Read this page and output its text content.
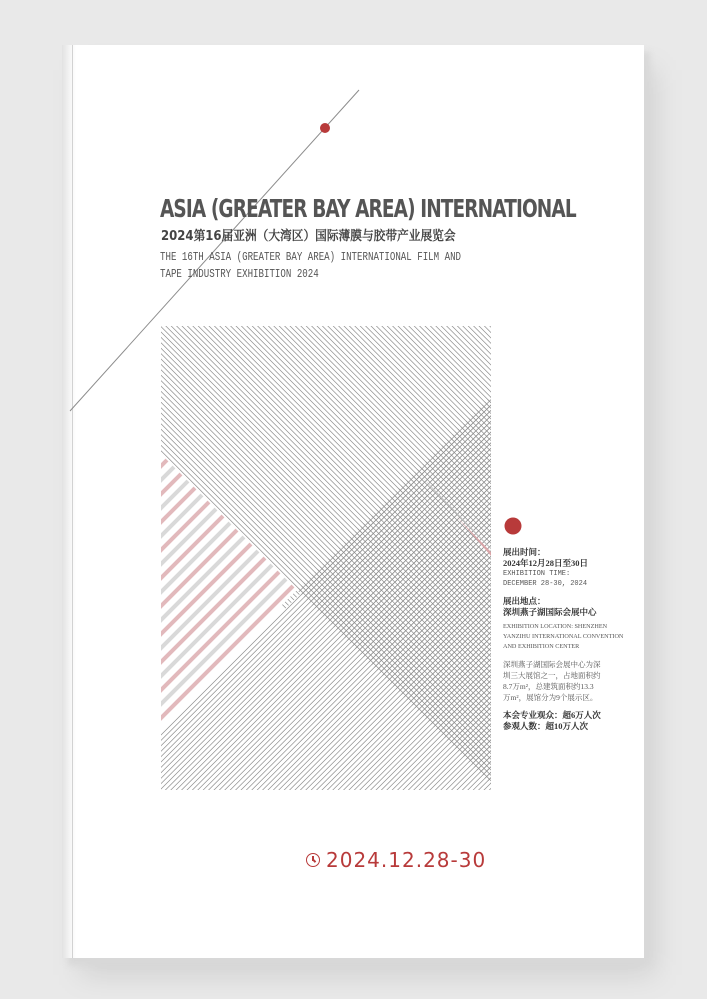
ASIA (GREATER BAY AREA) INTERNATIONAL
2024第16届亚洲（大湾区）国际薄膜与胶带产业展览会
THE 16TH ASIA (GREATER BAY AREA) INTERNATIONAL FILM AND
TAPE INDUSTRY EXHIBITION 2024
展出时间：
2024年12月28日至30日
EXHIBITION TIME:
DECEMBER 28-30, 2024
展出地点：
深圳燕子湖国际会展中心
EXHIBITION LOCATION: SHENZHEN
YANZIHU INTERNATIONAL CONVENTION
AND EXHIBITION CENTER
深圳燕子湖国际会展中心为深
圳三大展馆之一，占地面积约
8.7万m²，总建筑面积约13.3
万m²，展馆分为9个展示区。
本会专业观众：超6万人次
参观人数：超10万人次
2024.12.28-30
